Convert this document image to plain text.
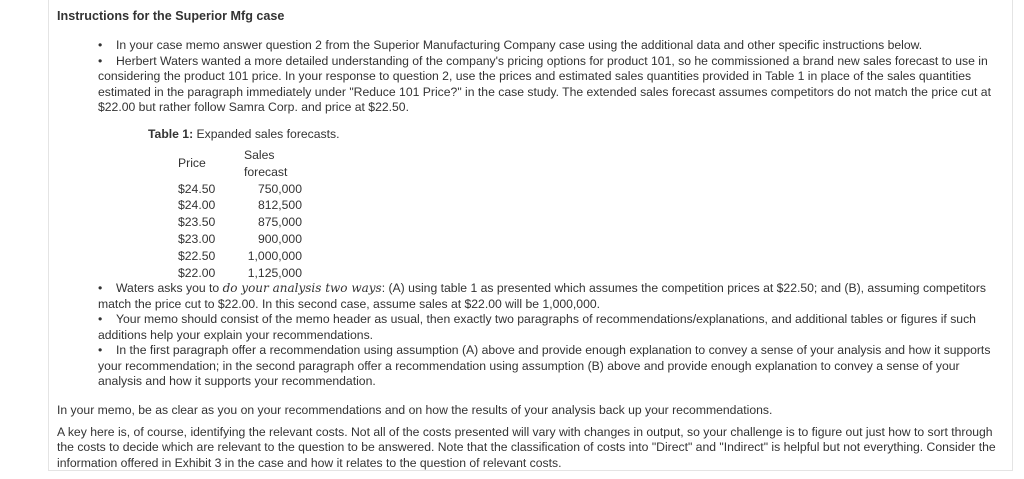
Instructions for the Superior Mfg case

• In your case memo answer question 2 from the Superior Manufacturing Company case using the additional data and other specific instructions below.

• Herbert Waters wanted a more detailed understanding of the company's pricing options for product 101, so he commissioned a brand new sales forecast to use in considering the product 101 price. In your response to question 2, use the prices and estimated sales quantities provided in Table 1 in place of the sales quantities estimated in the paragraph immediately under "Reduce 101 Price?" in the case study. The extended sales forecast assumes competitors do not match the price cut at $22.00 but rather follow Samra Corp. and price at $22.50.

Table 1: Expanded sales forecasts.
Price	Sales forecast
$24.50	750,000
$24.00	812,500
$23.50	875,000
$23.00	900,000
$22.50	1,000,000
$22.00	1,125,000

• Waters asks you to do your analysis two ways: (A) using table 1 as presented which assumes the competition prices at $22.50; and (B), assuming competitors match the price cut to $22.00. In this second case, assume sales at $22.00 will be 1,000,000.

• Your memo should consist of the memo header as usual, then exactly two paragraphs of recommendations/explanations, and additional tables or figures if such additions help your explain your recommendations.

• In the first paragraph offer a recommendation using assumption (A) above and provide enough explanation to convey a sense of your analysis and how it supports your recommendation; in the second paragraph offer a recommendation using assumption (B) above and provide enough explanation to convey a sense of your analysis and how it supports your recommendation.

In your memo, be as clear as you on your recommendations and on how the results of your analysis back up your recommendations.

A key here is, of course, identifying the relevant costs. Not all of the costs presented will vary with changes in output, so your challenge is to figure out just how to sort through the costs to decide which are relevant to the question to be answered. Note that the classification of costs into "Direct" and "Indirect" is helpful but not everything. Consider the information offered in Exhibit 3 in the case and how it relates to the question of relevant costs.
